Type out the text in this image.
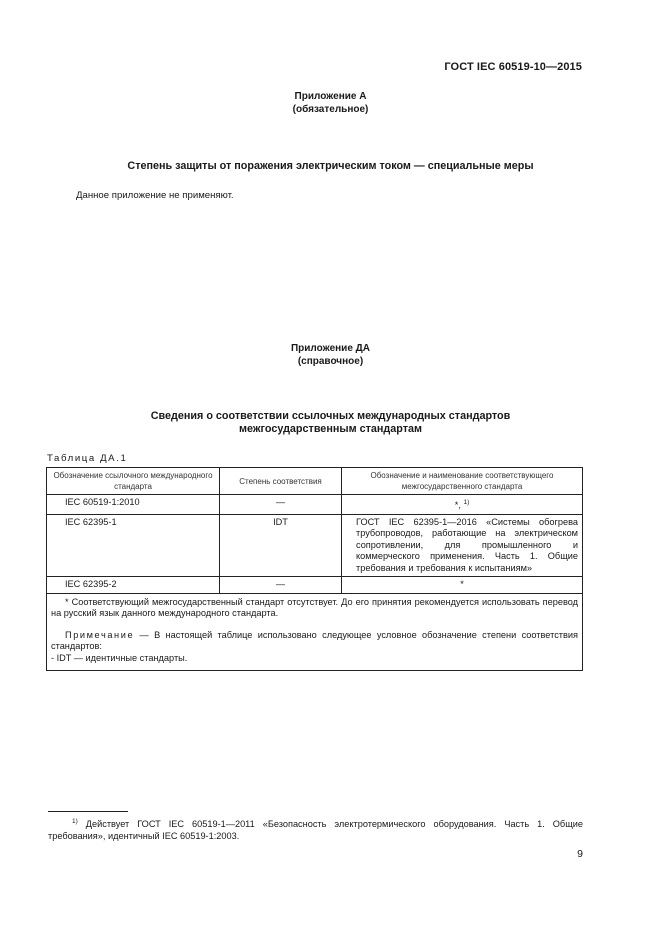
ГОСТ IEC 60519-10—2015
Приложение А
(обязательное)
Степень защиты от поражения электрическим током — специальные меры
Данное приложение не применяют.
Приложение ДА
(справочное)
Сведения о соответствии ссылочных международных стандартов
межгосударственным стандартам
Таблица ДА.1
Обозначение ссылочного международного стандарта	Степень соответствия	Обозначение и наименование соответствующего межгосударственного стандарта
IEC 60519-1:2010	—	*, $^{1)}$
IEC 62395-1	IDT	ГОСТ IEC 62395-1—2016 «Системы обогрева трубопроводов, работающие на электрическом сопротивлении, для промышленного и коммерческого применения. Часть 1. Общие требования и требования к испытаниям»
IEC 62395-2	—	*

* Соответствующий межгосударственный стандарт отсутствует. До его принятия рекомендуется использовать перевод на русский язык данного международного стандарта.
Примечание — В настоящей таблице использовано следующее условное обозначение степени соответствия стандартов:
- IDT — идентичные стандарты.		
$^{1)}$ Действует ГОСТ IEC 60519-1—2011 «Безопасность электротермического оборудования. Часть 1. Общие требования», идентичный IEC 60519-1:2003.
9
